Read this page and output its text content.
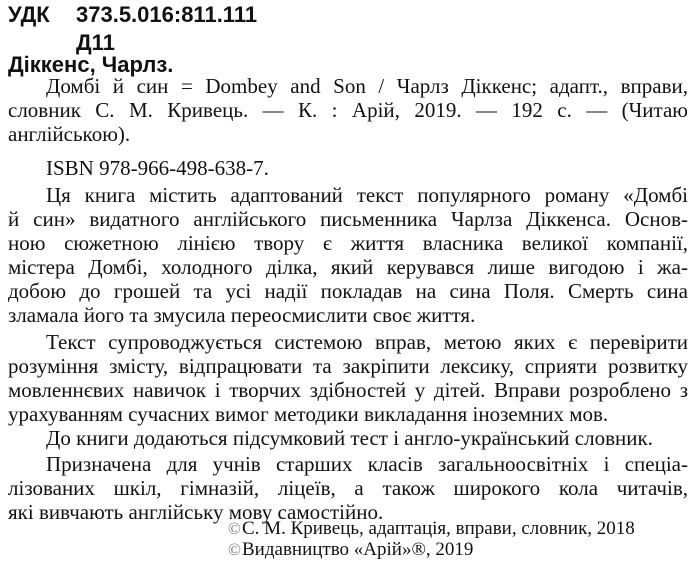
УДК 373.5.016:811.111
Д11
Діккенс, Чарлз.
Домбі й син = Dombey and Son / Чарлз Діккенс; адапт., вправи,
словник С. М. Кривець. — К. : Арій, 2019. — 192 с. — (Читаю
англійською).
ISBN 978-966-498-638-7.
Ця книга містить адаптований текст популярного роману «Домбі
й син» видатного англійського письменника Чарлза Діккенса. Основ-
ною сюжетною лінією твору є життя власника великої компанії,
містера Домбі, холодного ділка, який керувався лише вигодою і жа-
добою до грошей та усі надії покладав на сина Поля. Смерть сина
зламала його та змусила переосмислити своє життя.
Текст супроводжується системою вправ, метою яких є перевірити
розуміння змісту, відпрацювати та закріпити лексику, сприяти розвитку
мовленнєвих навичок і творчих здібностей у дітей. Вправи розроблено з
урахуванням сучасних вимог методики викладання іноземних мов.
До книги додаються підсумковий тест і англо-український словник.
Призначена для учнів старших класів загальноосвітніх і спеціа-
лізованих шкіл, гімназій, ліцеїв, а також широкого кола читачів,
які вивчають англійську мову самостійно.
©С. М. Кривець, адаптація, вправи, словник, 2018
©Видавництво «Арій»®, 2019
